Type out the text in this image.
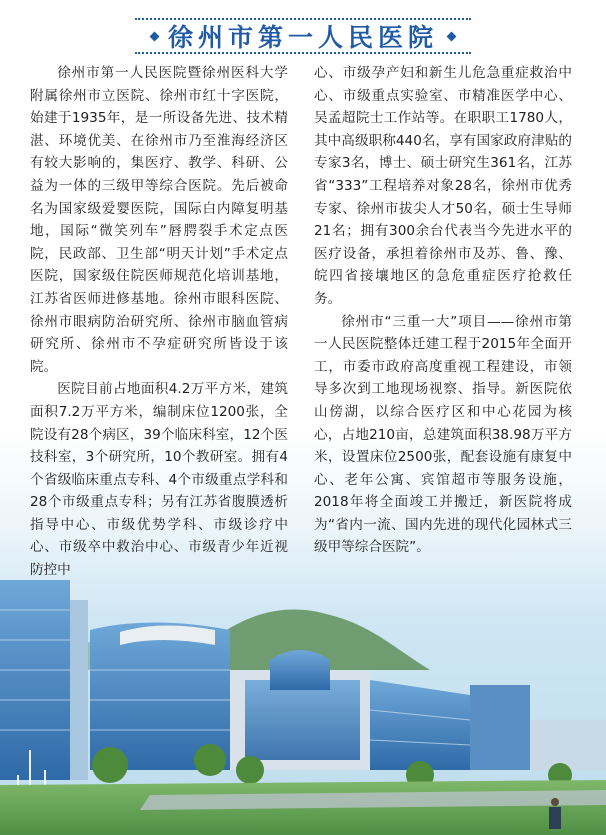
徐州市第一人民医院

徐州市第一人民医院暨徐州医科大学附属徐州市立医院、徐州市红十字医院，始建于1935年，是一所设备先进、技术精湛、环境优美、在徐州市乃至淮海经济区有较大影响的，集医疗、教学、科研、公益为一体的三级甲等综合医院。先后被命名为国家级爱婴医院，国际白内障复明基地，国际“微笑列车”唇腭裂手术定点医院，民政部、卫生部“明天计划”手术定点医院，国家级住院医师规范化培训基地，江苏省医师进修基地。徐州市眼科医院、徐州市眼病防治研究所、徐州市脑血管病研究所、徐州市不孕症研究所皆设于该院。

医院目前占地面积4.2万平方米，建筑面积7.2万平方米，编制床位1200张，全院设有28个病区，39个临床科室，12个医技科室，3个研究所，10个教研室。拥有4个省级临床重点专科、4个市级重点学科和28个市级重点专科；另有江苏省腹膜透析指导中心、市级优势学科、市级诊疗中心、市级卒中救治中心、市级青少年近视防控中

心、市级孕产妇和新生儿危急重症救治中心、市级重点实验室、市精准医学中心、吴孟超院士工作站等。在职职工1780人，其中高级职称440名，享有国家政府津贴的专家3名，博士、硕士研究生361名，江苏省“333”工程培养对象28名，徐州市优秀专家、徐州市拔尖人才50名，硕士生导师21名；拥有300余台代表当今先进水平的医疗设备，承担着徐州市及苏、鲁、豫、皖四省接壤地区的急危重症医疗抢救任务。

徐州市“三重一大”项目——徐州市第一人民医院整体迁建工程于2015年全面开工，市委市政府高度重视工程建设，市领导多次到工地现场视察、指导。新医院依山傍湖，以综合医疗区和中心花园为核心，占地210亩，总建筑面积38.98万平方米，设置床位2500张，配套设施有康复中心、老年公寓、宾馆超市等服务设施，2018年将全面竣工并搬迁，新医院将成为“省内一流、国内先进的现代化园林式三级甲等综合医院”。
